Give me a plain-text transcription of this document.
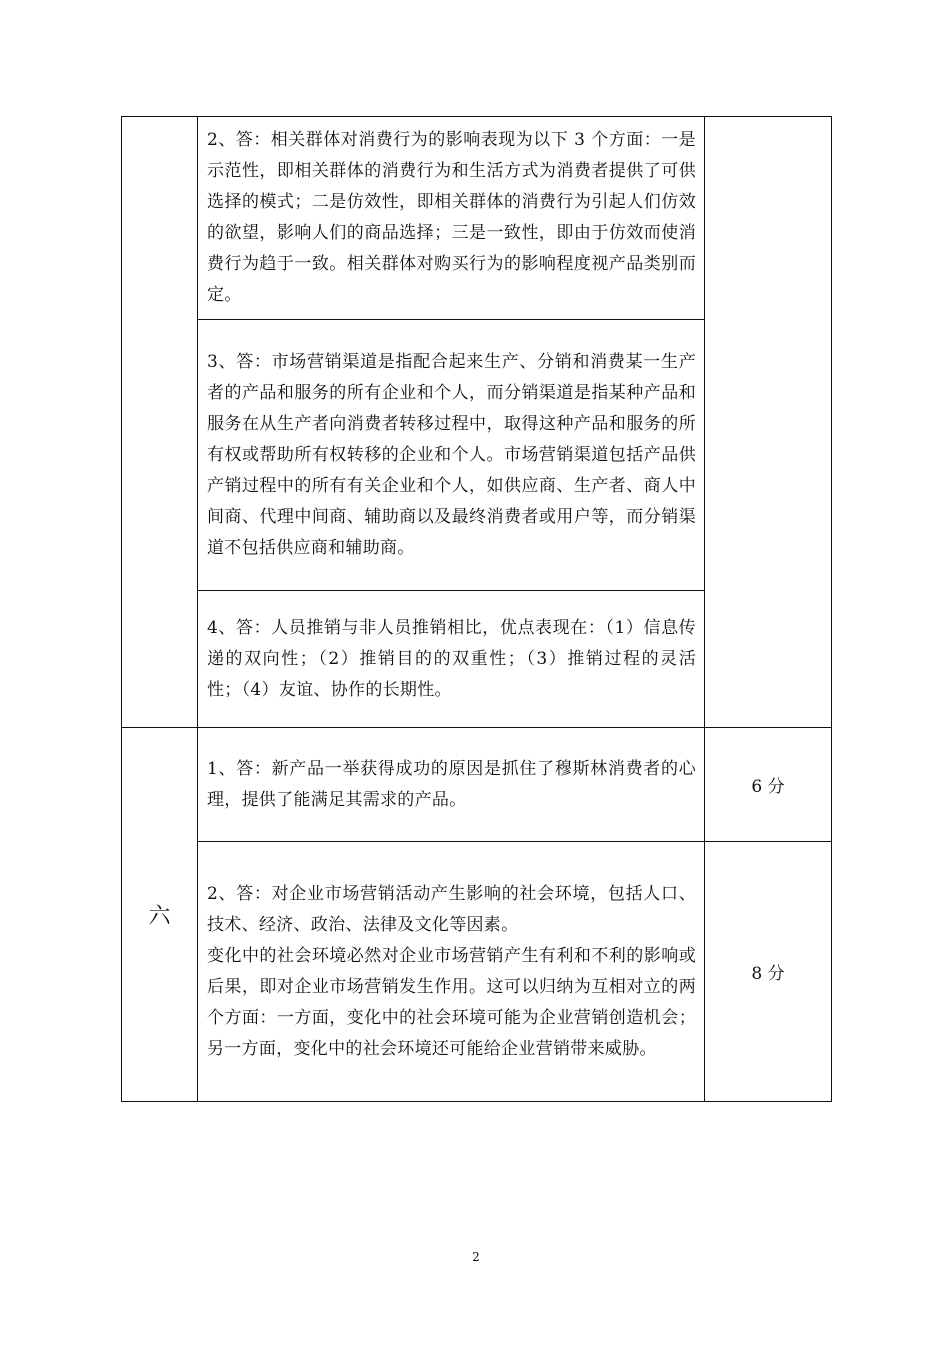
	2、答：相关群体对消费行为的影响表现为以下 3 个方面：一是示范性，即相关群体的消费行为和生活方式为消费者提供了可供选择的模式；二是仿效性，即相关群体的消费行为引起人们仿效的欲望，影响人们的商品选择；三是一致性，即由于仿效而使消费行为趋于一致。相关群体对购买行为的影响程度视产品类别而定。	

	3、答：市场营销渠道是指配合起来生产、分销和消费某一生产者的产品和服务的所有企业和个人，而分销渠道是指某种产品和服务在从生产者向消费者转移过程中，取得这种产品和服务的所有权或帮助所有权转移的企业和个人。市场营销渠道包括产品供产销过程中的所有有关企业和个人，如供应商、生产者、商人中间商、代理中间商、辅助商以及最终消费者或用户等，而分销渠道不包括供应商和辅助商。	

	4、答：人员推销与非人员推销相比，优点表现在：（1）信息传递的双向性；（2）推销目的的双重性；（3）推销过程的灵活性；（4）友谊、协作的长期性。	

六	1、答：新产品一举获得成功的原因是抓住了穆斯林消费者的心理，提供了能满足其需求的产品。	6 分

	2、答：对企业市场营销活动产生影响的社会环境，包括人口、技术、经济、政治、法律及文化等因素。

变化中的社会环境必然对企业市场营销产生有利和不利的影响或后果，即对企业市场营销发生作用。这可以归纳为互相对立的两个方面：一方面，变化中的社会环境可能为企业营销创造机会；另一方面，变化中的社会环境还可能给企业营销带来威胁。	8 分
2
